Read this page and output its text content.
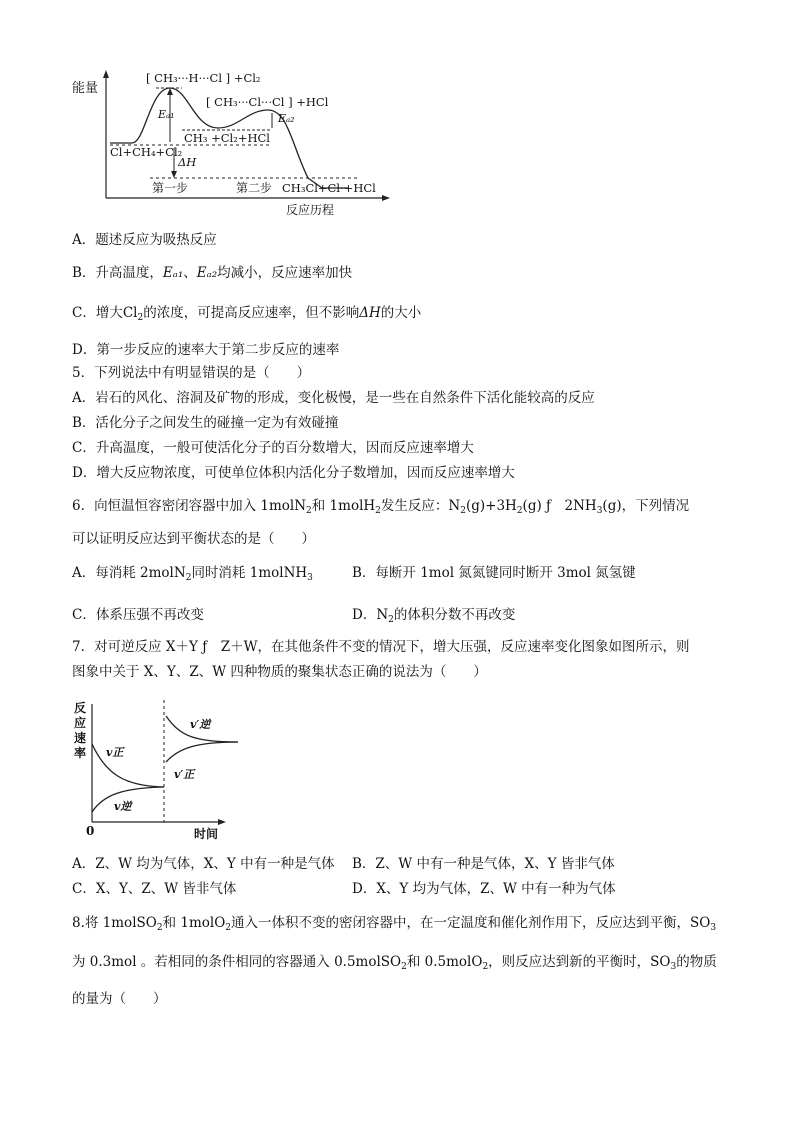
能量
反应历程
[ CH₃···H···Cl ] +Cl₂
[ CH₃···Cl···Cl ] +HCl
Eₐ₁	Eₐ₂
CH₃ +Cl₂+HCl
Cl+CH₄+Cl₂
ΔH
第一步	第二步 CH₃Cl+Cl·+HCl
A．题述反应为吸热反应
B．升高温度，Eₐ₁、Eₐ₂均减小，反应速率加快
C．增大$Cl_2$的浓度，可提高反应速率，但不影响ΔH的大小
D．第一步反应的速率大于第二步反应的速率
5．下列说法中有明显错误的是（　　）
A．岩石的风化、溶洞及矿物的形成，变化极慢，是一些在自然条件下活化能较高的反应
B．活化分子之间发生的碰撞一定为有效碰撞
C．升高温度，一般可使活化分子的百分数增大，因而反应速率增大
D．增大反应物浓度，可使单位体积内活化分子数增加，因而反应速率增大
6．向恒温恒容密闭容器中加入 1molN$_2$和 1molH$_2$发生反应：$N_2(g)+3H_2(g)$ ƒ　$2NH_3(g)$，下列情况
可以证明反应达到平衡状态的是（　　）
A．每消耗 2molN$_2$同时消耗 1molNH$_3$	B．每断开 1mol 氮氮键同时断开 3mol 氮氢键
C．体系压强不再改变	D．$N_2$的体积分数不再改变
7．对可逆反应 X＋Y ƒ　Z＋W，在其他条件不变的情况下，增大压强，反应速率变化图象如图所示，则
图象中关于 X、Y、Z、W 四种物质的聚集状态正确的说法为（　　）
反
应
速
率
0	时间
v正
v逆
v′逆
v′正
A．Z、W 均为气体，X、Y 中有一种是气体 B．Z、W 中有一种是气体，X、Y 皆非气体
C．X、Y、Z、W 皆非气体	D．X、Y 均为气体，Z、W 中有一种为气体
8.将 1molSO$_2$和 1molO$_2$通入一体积不变的密闭容器中，在一定温度和催化剂作用下，反应达到平衡，$SO_3$
为 0.3mol 。若相同的条件相同的容器通入 0.5molSO$_2$和 0.5molO$_2$，则反应达到新的平衡时，$SO_3$的物质
的量为（　　）
